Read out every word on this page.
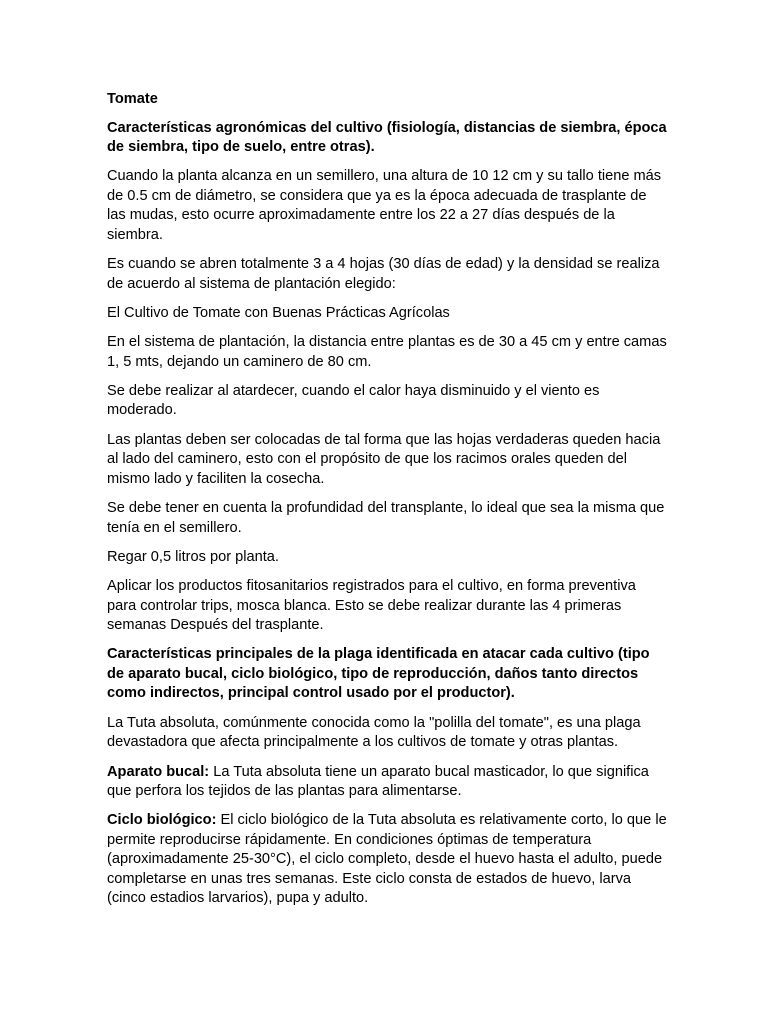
Tomate

Características agronómicas del cultivo (fisiología, distancias de siembra, época de siembra, tipo de suelo, entre otras).

Cuando la planta alcanza en un semillero, una altura de 10 12 cm y su tallo tiene más de 0.5 cm de diámetro, se considera que ya es la época adecuada de trasplante de las mudas, esto ocurre aproximadamente entre los 22 a 27 días después de la siembra.

Es cuando se abren totalmente 3 a 4 hojas (30 días de edad) y la densidad se realiza de acuerdo al sistema de plantación elegido:

El Cultivo de Tomate con Buenas Prácticas Agrícolas

En el sistema de plantación, la distancia entre plantas es de 30 a 45 cm y entre camas 1, 5 mts, dejando un caminero de 80 cm.

Se debe realizar al atardecer, cuando el calor haya disminuido y el viento es moderado.

Las plantas deben ser colocadas de tal forma que las hojas verdaderas queden hacia al lado del caminero, esto con el propósito de que los racimos orales queden del mismo lado y faciliten la cosecha.

Se debe tener en cuenta la profundidad del transplante, lo ideal que sea la misma que tenía en el semillero.

Regar 0,5 litros por planta.

Aplicar los productos fitosanitarios registrados para el cultivo, en forma preventiva para controlar trips, mosca blanca. Esto se debe realizar durante las 4 primeras semanas Después del trasplante.

Características principales de la plaga identificada en atacar cada cultivo (tipo de aparato bucal, ciclo biológico, tipo de reproducción, daños tanto directos como indirectos, principal control usado por el productor).

La Tuta absoluta, comúnmente conocida como la "polilla del tomate", es una plaga devastadora que afecta principalmente a los cultivos de tomate y otras plantas.

Aparato bucal: La Tuta absoluta tiene un aparato bucal masticador, lo que significa que perfora los tejidos de las plantas para alimentarse.

Ciclo biológico: El ciclo biológico de la Tuta absoluta es relativamente corto, lo que le permite reproducirse rápidamente. En condiciones óptimas de temperatura (aproximadamente 25-30°C), el ciclo completo, desde el huevo hasta el adulto, puede completarse en unas tres semanas. Este ciclo consta de estados de huevo, larva (cinco estadios larvarios), pupa y adulto.
